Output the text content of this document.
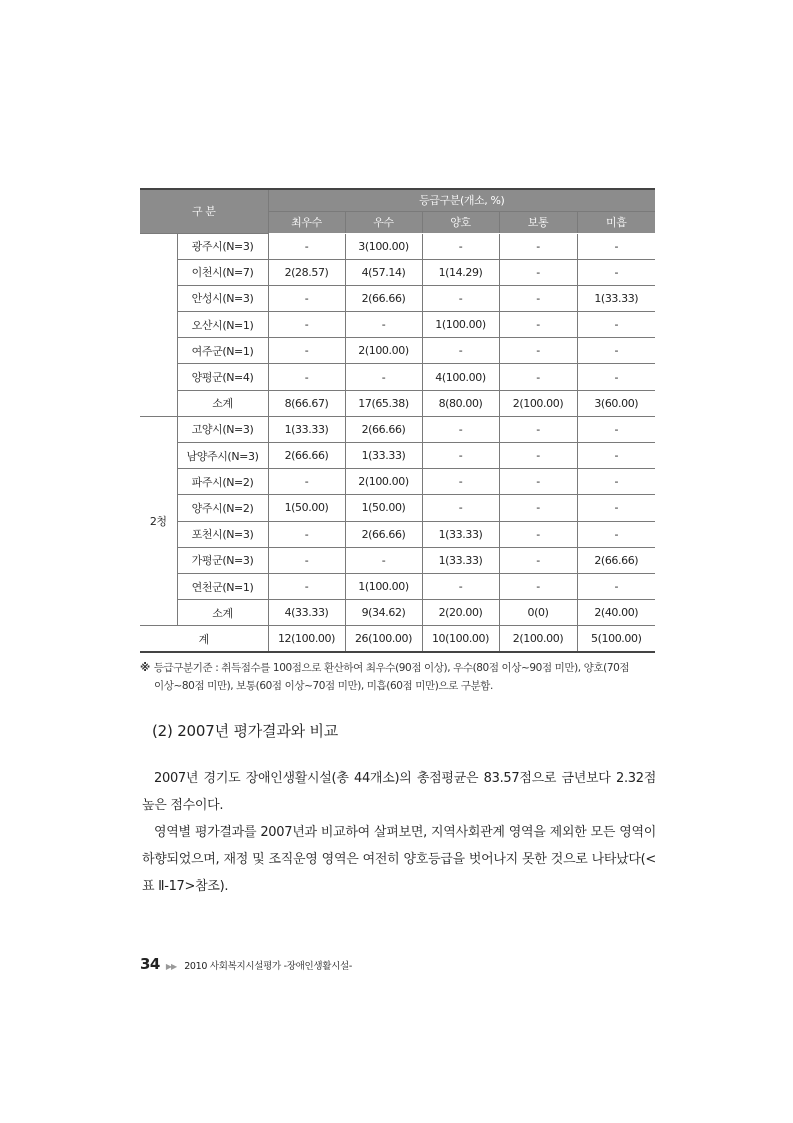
구 분		등급구분(개소, %)				
		최우수	우수	양호	보통	미흡
	광주시(N=3)	-	3(100.00)	-	-	-
	이천시(N=7)	2(28.57)	4(57.14)	1(14.29)	-	-
	안성시(N=3)	-	2(66.66)	-	-	1(33.33)
	오산시(N=1)	-	-	1(100.00)	-	-
	여주군(N=1)	-	2(100.00)	-	-	-
	양평군(N=4)	-	-	4(100.00)	-	-
	소계	8(66.67)	17(65.38)	8(80.00)	2(100.00)	3(60.00)
2청	고양시(N=3)	1(33.33)	2(66.66)	-	-	-
	남양주시(N=3)	2(66.66)	1(33.33)	-	-	-
	파주시(N=2)	-	2(100.00)	-	-	-
	양주시(N=2)	1(50.00)	1(50.00)	-	-	-
	포천시(N=3)	-	2(66.66)	1(33.33)	-	-
	가평군(N=3)	-	-	1(33.33)	-	2(66.66)
	연천군(N=1)	-	1(100.00)	-	-	-
	소계	4(33.33)	9(34.62)	2(20.00)	0(0)	2(40.00)
계		12(100.00)	26(100.00)	10(100.00)	2(100.00)	5(100.00)
※ 등급구분기준 : 취득점수를 100점으로 환산하여 최우수(90점 이상), 우수(80점 이상~90점 미만), 양호(70점
이상~80점 미만), 보통(60점 이상~70점 미만), 미흡(60점 미만)으로 구분함.
(2) 2007년 평가결과와 비교

2007년 경기도 장애인생활시설(총 44개소)의 총점평균은 83.57점으로 금년보다 2.32점 높은 점수이다.

영역별 평가결과를 2007년과 비교하여 살펴보면, 지역사회관계 영역을 제외한 모든 영역이 하향되었으며, 재정 및 조직운영 영역은 여전히 양호등급을 벗어나지 못한 것으로 나타났다(<표 Ⅱ-17>참조).

34 ▶▶ 2010 사회복지시설평가 -장애인생활시설-
